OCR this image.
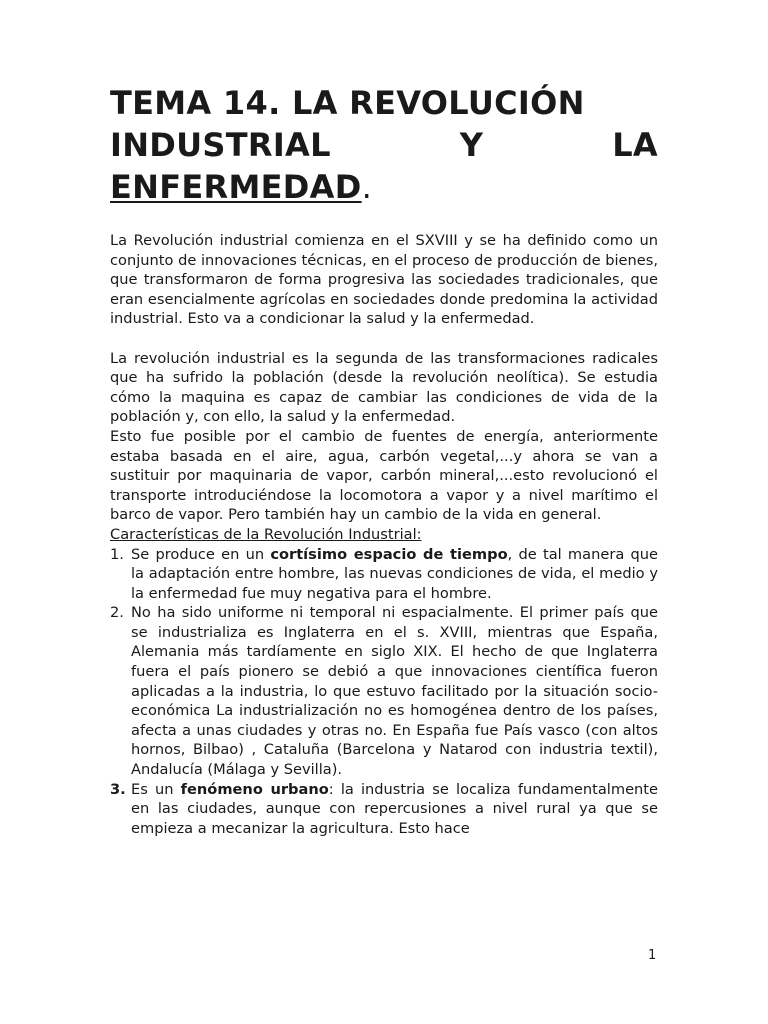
TEMA 14. LA REVOLUCIÓN

INDUSTRIAL Y LA
ENFERMEDAD.

La Revolución industrial comienza en el SXVIII y se ha definido como un conjunto de innovaciones técnicas, en el proceso de producción de bienes, que transformaron de forma progresiva las sociedades tradicionales, que eran esencialmente agrícolas en sociedades donde predomina la actividad industrial. Esto va a condicionar la salud y la enfermedad.

La revolución industrial es la segunda de las transformaciones radicales que ha sufrido la población (desde la revolución neolítica). Se estudia cómo la maquina es capaz de cambiar las condiciones de vida de la población y, con ello, la salud y la enfermedad.

Esto fue posible por el cambio de fuentes de energía, anteriormente estaba basada en el aire, agua, carbón vegetal,...y ahora se van a sustituir por maquinaria de vapor, carbón mineral,...esto revolucionó el transporte introduciéndose la locomotora a vapor y a nivel marítimo el barco de vapor. Pero también hay un cambio de la vida en general.

Características de la Revolución Industrial:

1. Se produce en un cortísimo espacio de tiempo, de tal manera que la adaptación entre hombre, las nuevas condiciones de vida, el medio y la enfermedad fue muy negativa para el hombre.
2. No ha sido uniforme ni temporal ni espacialmente. El primer país que se industrializa es Inglaterra en el s. XVIII, mientras que España, Alemania más tardíamente en siglo XIX. El hecho de que Inglaterra fuera el país pionero se debió a que innovaciones científica fueron aplicadas a la industria, lo que estuvo facilitado por la situación socio-económica La industrialización no es homogénea dentro de los países, afecta a unas ciudades y otras no. En España fue País vasco (con altos hornos, Bilbao) , Cataluña (Barcelona y Natarod con industria textil), Andalucía (Málaga y Sevilla).
3. Es un fenómeno urbano: la industria se localiza fundamentalmente en las ciudades, aunque con repercusiones a nivel rural ya que se empieza a mecanizar la agricultura. Esto hace
1
